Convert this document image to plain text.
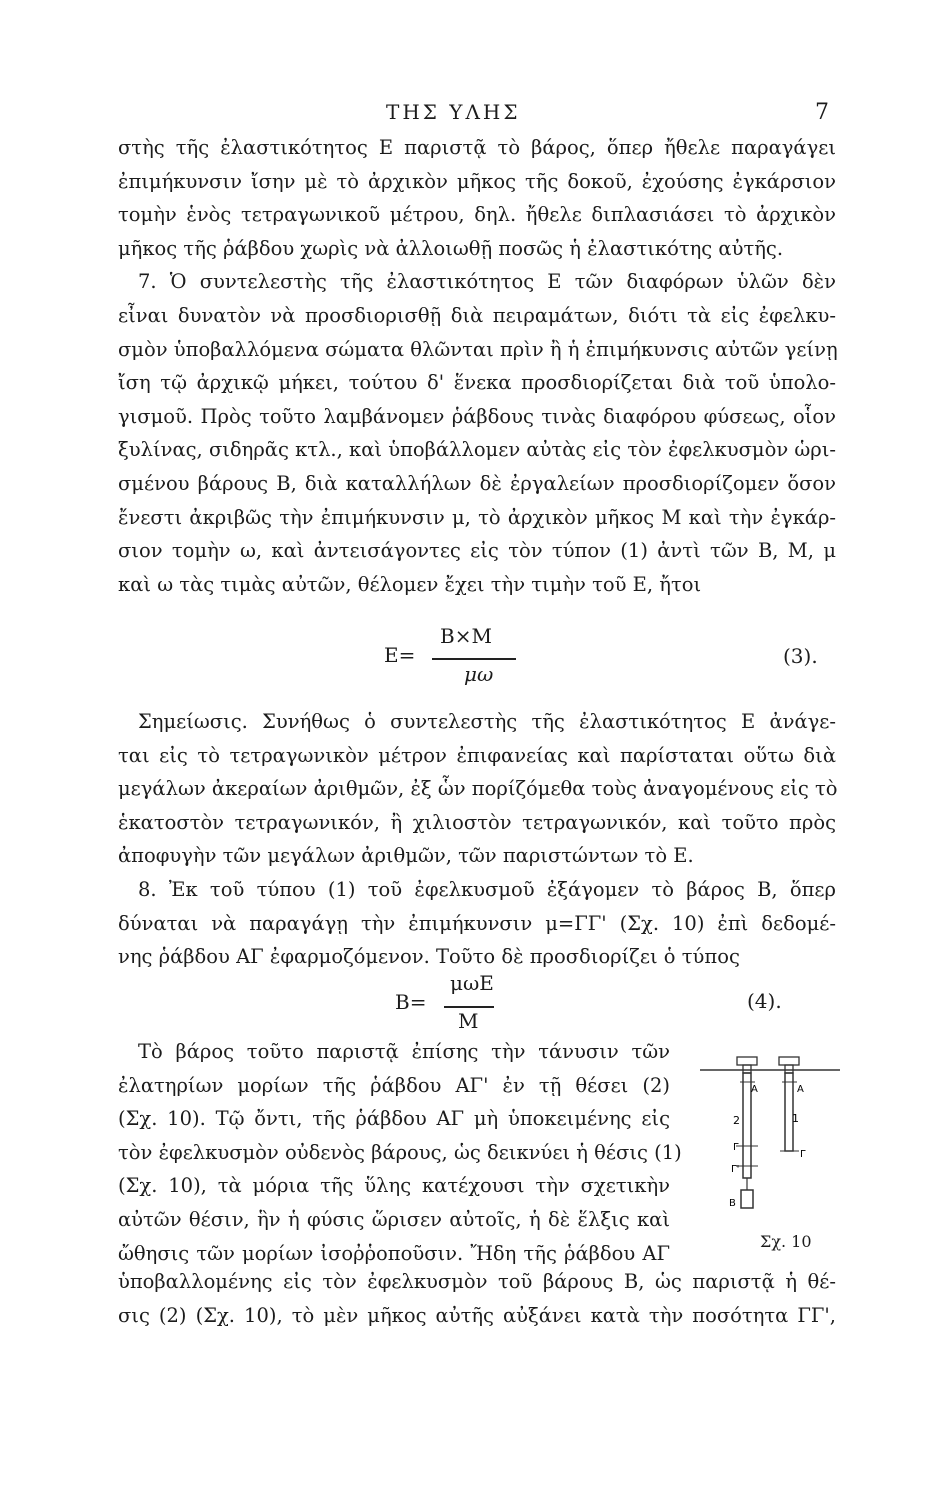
ΤΗΣ ΥΛΗΣ	7
στὴς τῆς ἐλαστικότητος Ε παριστᾷ τὸ βάρος, ὅπερ ἤθελε παραγάγει
ἐπιμήκυνσιν ἴσην μὲ τὸ ἀρχικὸν μῆκος τῆς δοκοῦ, ἐχούσης ἐγκάρσιον
τομὴν ἑνὸς τετραγωνικοῦ μέτρου, δηλ. ἤθελε διπλασιάσει τὸ ἀρχικὸν
μῆκος τῆς ῥάβδου χωρὶς νὰ ἀλλοιωθῇ ποσῶς ἡ ἐλαστικότης αὐτῆς.
7. Ὁ συντελεστὴς τῆς ἐλαστικότητος Ε τῶν διαφόρων ὑλῶν δὲν
εἶναι δυνατὸν νὰ προσδιορισθῇ διὰ πειραμάτων, διότι τὰ εἰς ἐφελκυ-
σμὸν ὑποβαλλόμενα σώματα θλῶνται πρὶν ἢ ἡ ἐπιμήκυνσις αὐτῶν γείνῃ
ἴση τῷ ἀρχικῷ μήκει, τούτου δ' ἕνεκα προσδιορίζεται διὰ τοῦ ὑπολο-
γισμοῦ. Πρὸς τοῦτο λαμβάνομεν ῥάβδους τινὰς διαφόρου φύσεως, οἷον
ξυλίνας, σιδηρᾶς κτλ., καὶ ὑποβάλλομεν αὐτὰς εἰς τὸν ἐφελκυσμὸν ὡρι-
σμένου βάρους Β, διὰ καταλλήλων δὲ ἐργαλείων προσδιορίζομεν ὅσον
ἔνεστι ἀκριβῶς τὴν ἐπιμήκυνσιν μ, τὸ ἀρχικὸν μῆκος Μ καὶ τὴν ἐγκάρ-
σιον τομὴν ω, καὶ ἀντεισάγοντες εἰς τὸν τύπον (1) ἀντὶ τῶν Β, Μ, μ
καὶ ω τὰς τιμὰς αὐτῶν, θέλομεν ἔχει τὴν τιμὴν τοῦ Ε, ἤτοι
Ε=
Β×Μ
μω
(3).
Σημείωσις. Συνήθως ὁ συντελεστὴς τῆς ἐλαστικότητος Ε ἀνάγε-
ται εἰς τὸ τετραγωνικὸν μέτρον ἐπιφανείας καὶ παρίσταται οὕτω διὰ
μεγάλων ἀκεραίων ἀριθμῶν, ἐξ ὧν πορίζόμεθα τοὺς ἀναγομένους εἰς τὸ
ἑκατοστὸν τετραγωνικόν, ἢ χιλιοστὸν τετραγωνικόν, καὶ τοῦτο πρὸς
ἀποφυγὴν τῶν μεγάλων ἀριθμῶν, τῶν παριστώντων τὸ Ε.
8. Ἐκ τοῦ τύπου (1) τοῦ ἐφελκυσμοῦ ἐξάγομεν τὸ βάρος Β, ὅπερ
δύναται νὰ παραγάγῃ τὴν ἐπιμήκυνσιν μ=ΓΓ' (Σχ. 10) ἐπὶ δεδομέ-
νης ῥάβδου ΑΓ ἐφαρμοζόμενον. Τοῦτο δὲ προσδιορίζει ὁ τύπος
Β=
μωΕ
Μ
(4).
Τὸ βάρος τοῦτο παριστᾷ ἐπίσης τὴν τάνυσιν τῶν
ἐλατηρίων μορίων τῆς ῥάβδου ΑΓ' ἐν τῇ θέσει (2)
(Σχ. 10). Τῷ ὄντι, τῆς ῥάβδου ΑΓ μὴ ὑποκειμένης εἰς
τὸν ἐφελκυσμὸν οὐδενὸς βάρους, ὡς δεικνύει ἡ θέσις (1)
(Σχ. 10), τὰ μόρια τῆς ὕλης κατέχουσι τὴν σχετικὴν
αὐτῶν θέσιν, ἣν ἡ φύσις ὥρισεν αὐτοῖς, ἡ δὲ ἕλξις καὶ
ὤθησις τῶν μορίων ἰσοῤῥοποῦσιν. Ἤδη τῆς ῥάβδου ΑΓ
ὑποβαλλομένης εἰς τὸν ἐφελκυσμὸν τοῦ βάρους Β, ὡς παριστᾷ ἡ θέ-
σις (2) (Σχ. 10), τὸ μὲν μῆκος αὐτῆς αὐξάνει κατὰ τὴν ποσότητα ΓΓ',
A	A
2	1
Γ
Γ
Γ'
B
Σχ. 10
